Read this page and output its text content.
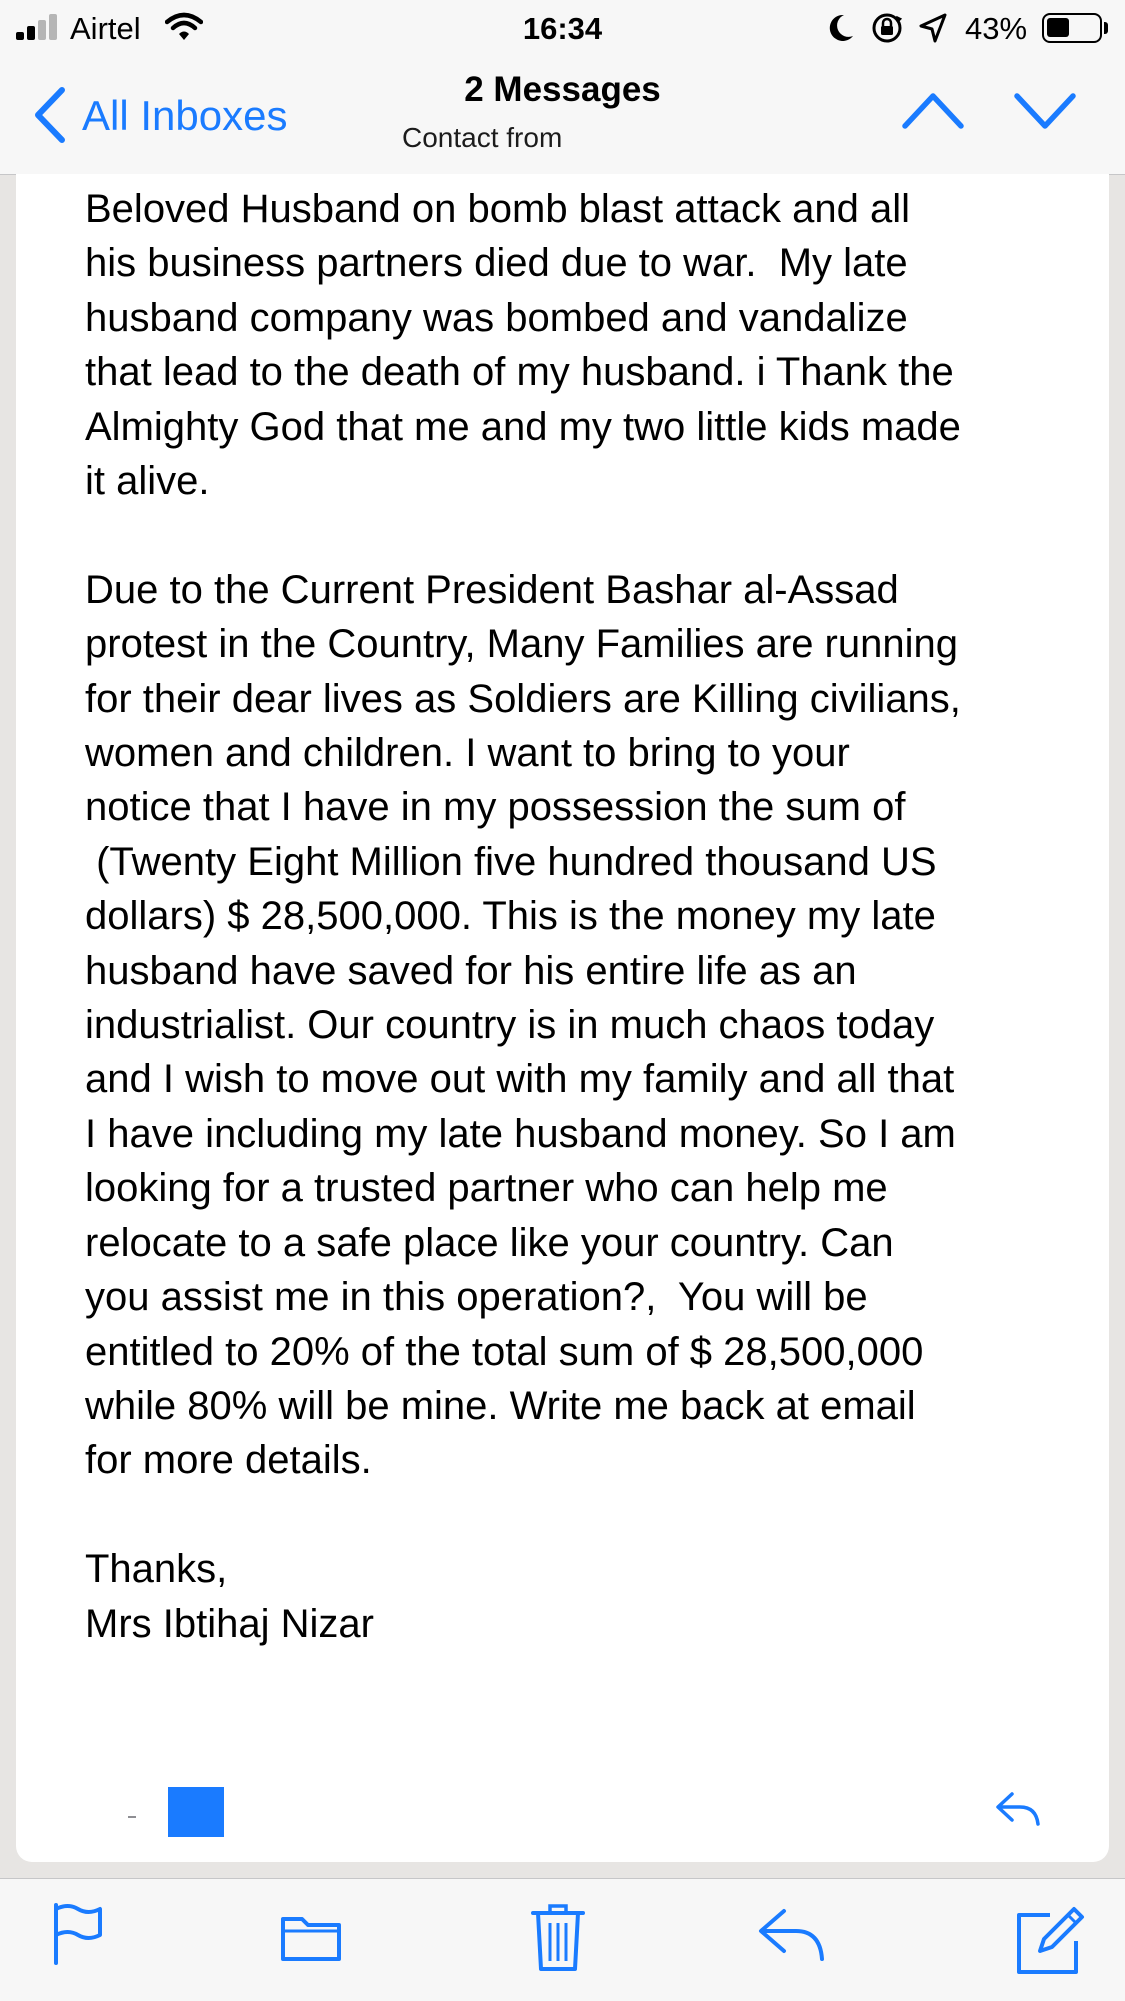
Airtel	16:34	43%
All Inboxes
2 Messages
Contact from
Beloved Husband on bomb blast attack and all
his business partners died due to war.  My late
husband company was bombed and vandalize
that lead to the death of my husband. i Thank the
Almighty God that me and my two little kids made
it alive.
Due to the Current President Bashar al-Assad
protest in the Country, Many Families are running
for their dear lives as Soldiers are Killing civilians,
women and children. I want to bring to your
notice that I have in my possession the sum of
(Twenty Eight Million five hundred thousand US
dollars) $ 28,500,000. This is the money my late
husband have saved for his entire life as an
industrialist. Our country is in much chaos today
and I wish to move out with my family and all that
I have including my late husband money. So I am
looking for a trusted partner who can help me
relocate to a safe place like your country. Can
you assist me in this operation?,  You will be
entitled to 20% of the total sum of $ 28,500,000
while 80% will be mine. Write me back at email
for more details.
Thanks,
Mrs Ibtihaj Nizar
